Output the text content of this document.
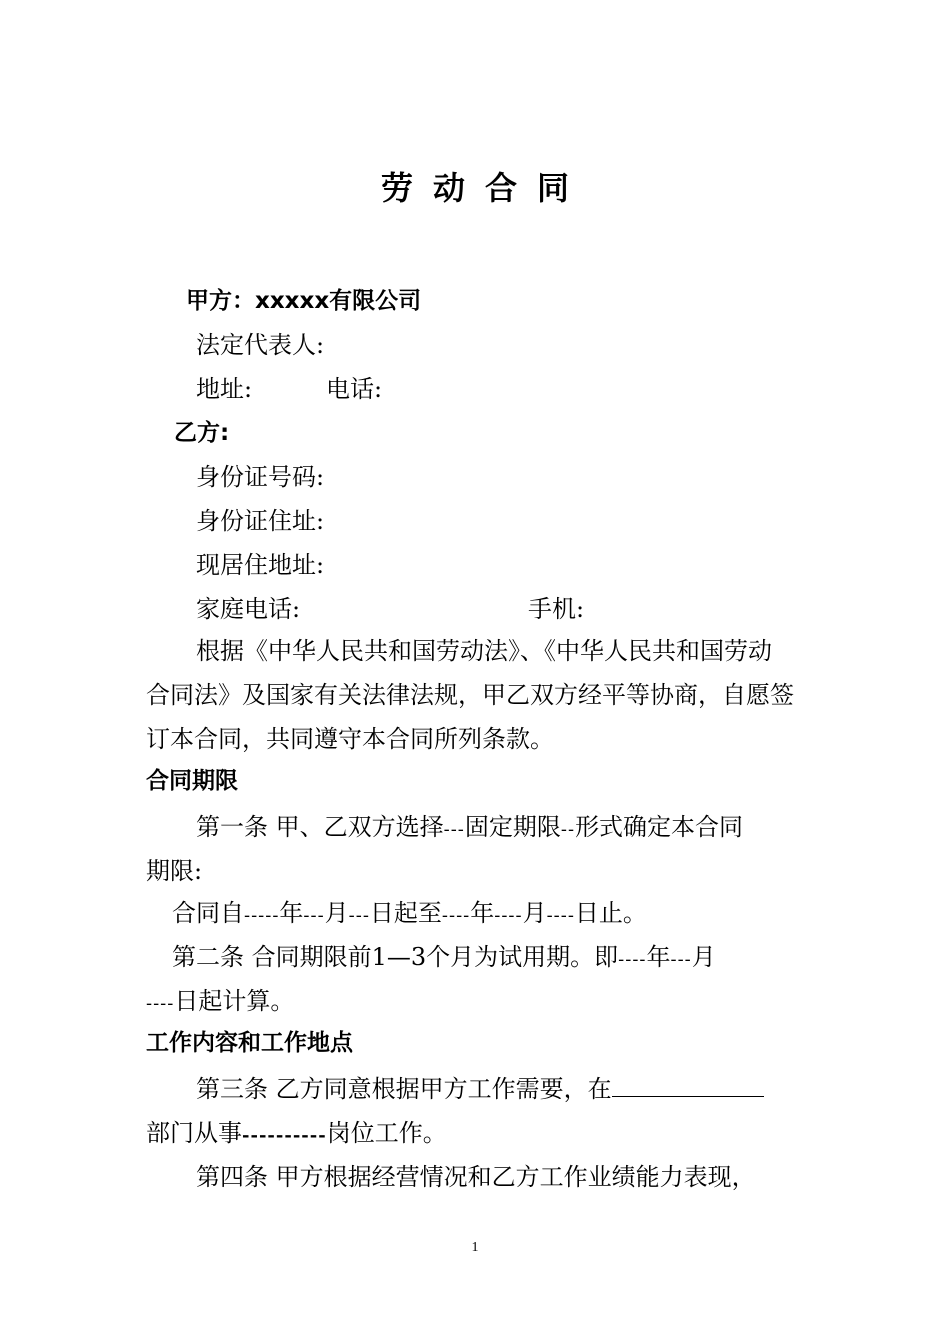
劳动合同
甲方：xxxxx有限公司
法定代表人:
地址:	电话:
乙方:
身份证号码:
身份证住址:
现居住地址:
家庭电话:	手机:
根据《中华人民共和国劳动法》、《中华人民共和国劳动
合同法》及国家有关法律法规，甲乙双方经平等协商，自愿签
订本合同，共同遵守本合同所列条款。
合同期限
第一条 甲、乙双方选择---固定期限--形式确定本合同
期限:
合同自-----年---月---日起至----年----月----日止。
第二条 合同期限前1—3个月为试用期。即----年---月
----日起计算。
工作内容和工作地点
第三条 乙方同意根据甲方工作需要，在
部门从事----------岗位工作。
第四条 甲方根据经营情况和乙方工作业绩能力表现，
1
